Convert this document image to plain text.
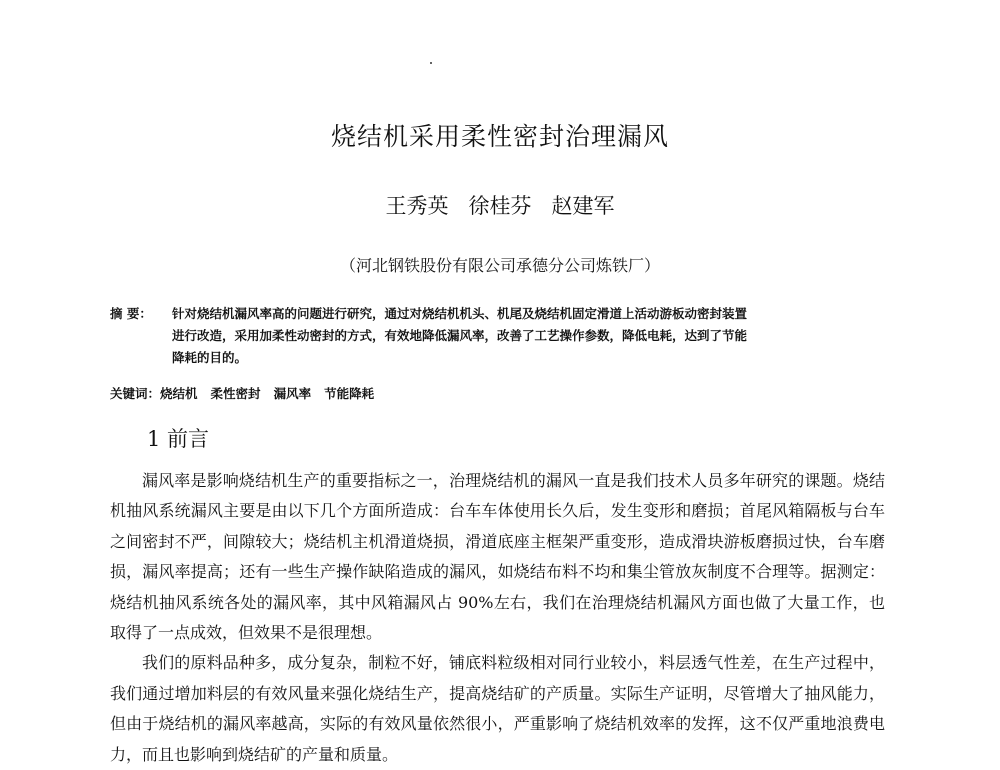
烧结机采用柔性密封治理漏风
王秀英   徐桂芬   赵建军
（河北钢铁股份有限公司承德分公司炼铁厂）
摘 要： 针对烧结机漏风率高的问题进行研究，通过对烧结机机头、机尾及烧结机固定滑道上活动游板动密封装置
进行改造，采用加柔性动密封的方式，有效地降低漏风率，改善了工艺操作参数，降低电耗，达到了节能
降耗的目的。
关键词：烧结机   柔性密封   漏风率   节能降耗
1 前言

漏风率是影响烧结机生产的重要指标之一，治理烧结机的漏风一直是我们技术人员多年研究的课题。烧结机抽风系统漏风主要是由以下几个方面所造成：台车车体使用长久后，发生变形和磨损；首尾风箱隔板与台车之间密封不严，间隙较大；烧结机主机滑道烧损，滑道底座主框架严重变形，造成滑块游板磨损过快，台车磨损，漏风率提高；还有一些生产操作缺陷造成的漏风，如烧结布料不均和集尘管放灰制度不合理等。据测定：烧结机抽风系统各处的漏风率，其中风箱漏风占 90%左右，我们在治理烧结机漏风方面也做了大量工作，也取得了一点成效，但效果不是很理想。

我们的原料品种多，成分复杂，制粒不好，铺底料粒级相对同行业较小，料层透气性差，在生产过程中，我们通过增加料层的有效风量来强化烧结生产，提高烧结矿的产质量。实际生产证明，尽管增大了抽风能力，但由于烧结机的漏风率越高，实际的有效风量依然很小，严重影响了烧结机效率的发挥，这不仅严重地浪费电力，而且也影响到烧结矿的产量和质量。
